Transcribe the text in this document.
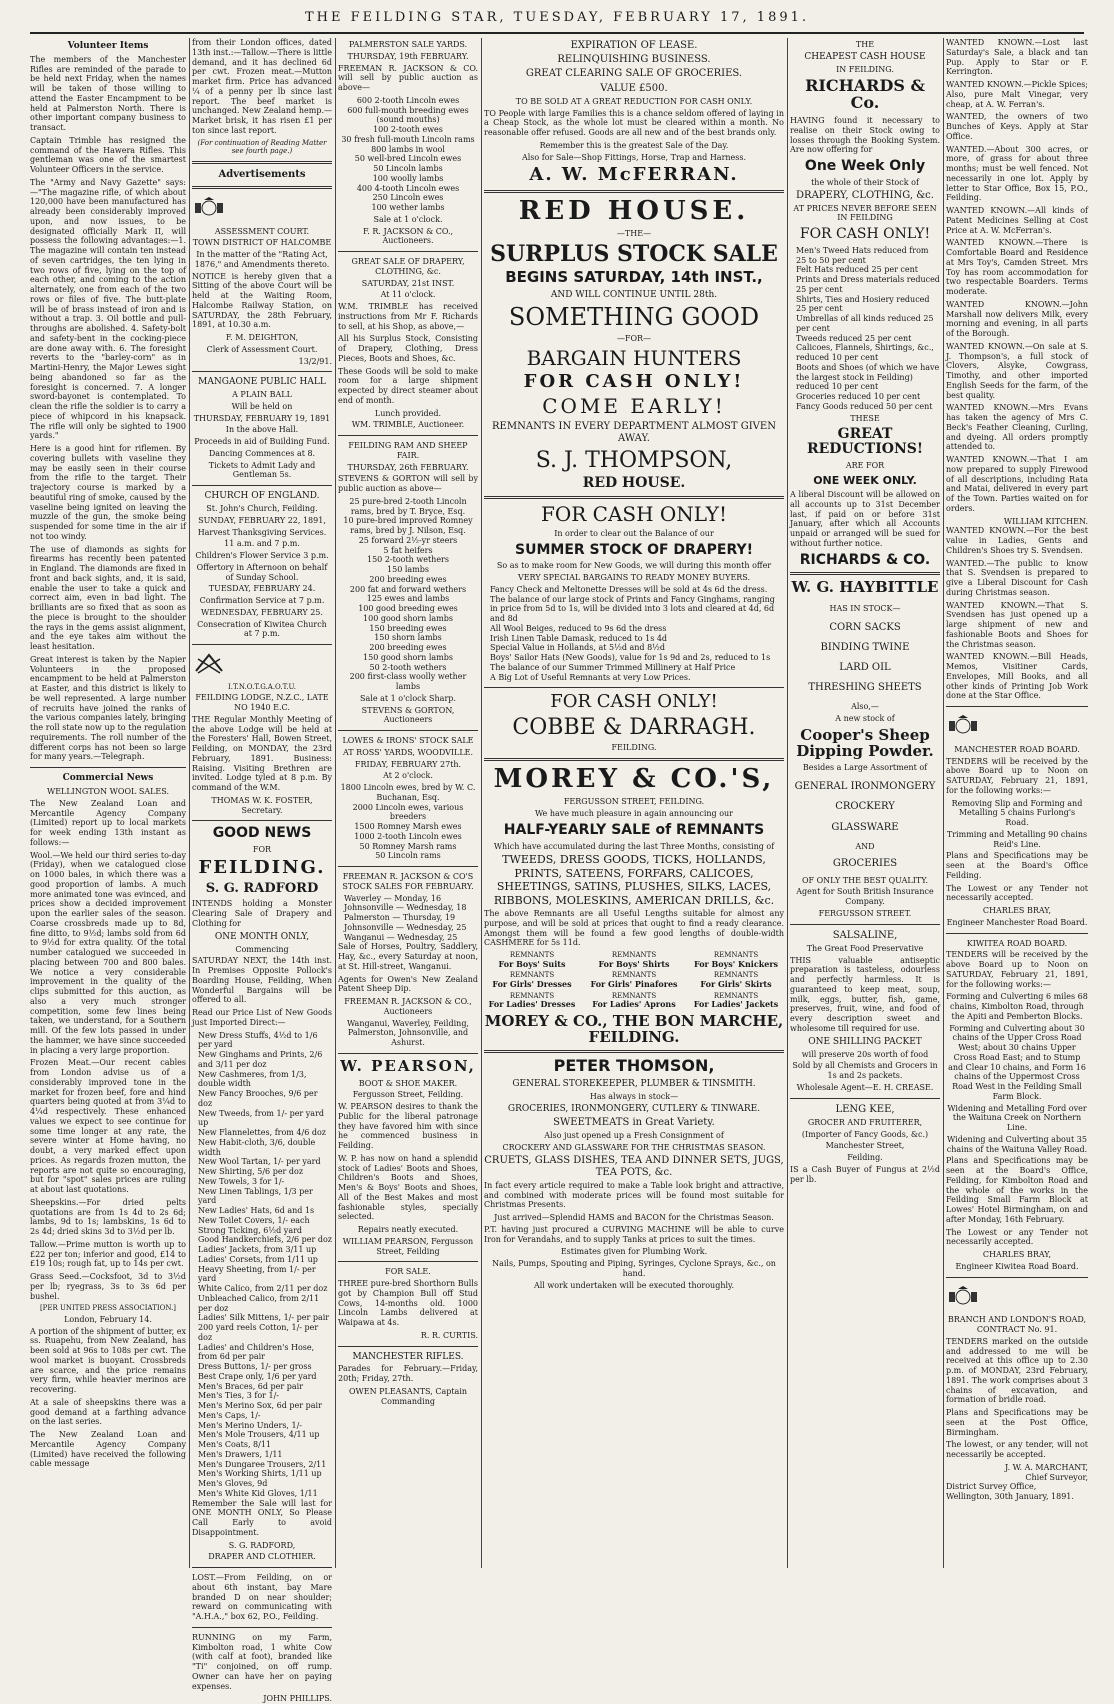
THE FEILDING STAR, TUESDAY, FEBRUARY 17, 1891.
Volunteer Items

The members of the Manchester Rifles are reminded of the parade to be held next Friday, when the names will be taken of those willing to attend the Easter Encampment to be held at Palmerston North. There is other important company business to transact.

Captain Trimble has resigned the command of the Hawera Rifles. This gentleman was one of the smartest Volunteer Officers in the service.

The "Army and Navy Gazette" says:—"The magazine rifle, of which about 120,000 have been manufactured has already been considerably improved upon, and now issues, to be designated officially Mark II, will possess the following advantages:—1. The magazine will contain ten instead of seven cartridges, the ten lying in two rows of five, lying on the top of each other, and coming to the action alternately, one from each of the two rows or files of five. The butt-plate will be of brass instead of iron and is without a trap. 3. Oil bottle and pull-throughs are abolished. 4. Safety-bolt and safety-bent in the cocking-piece are done away with. 6. The foresight reverts to the "barley-corn" as in Martini-Henry, the Major Lewes sight being abandoned so far as the foresight is concerned. 7. A longer sword-bayonet is contemplated. To clean the rifle the soldier is to carry a piece of whipcord in his knapsack. The rifle will only be sighted to 1900 yards."

Here is a good hint for riflemen. By covering bullets with vaseline they may be easily seen in their course from the rifle to the target. Their trajectory course is marked by a beautiful ring of smoke, caused by the vaseline being ignited on leaving the muzzle of the gun, the smoke being suspended for some time in the air if not too windy.

The use of diamonds as sights for firearms has recently been patented in England. The diamonds are fixed in front and back sights, and, it is said, enable the user to take a quick and correct aim, even in bad light. The brilliants are so fixed that as soon as the piece is brought to the shoulder the rays in the gems assist alignment, and the eye takes aim without the least hesitation.

Great interest is taken by the Napier Volunteers in the proposed encampment to be held at Palmerston at Easter, and this district is likely to be well represented. A large number of recruits have joined the ranks of the various companies lately, bringing the roll state now up to the regulation requirements. The roll number of the different corps has not been so large for many years.—Telegraph.

Commercial News
WELLINGTON WOOL SALES.

The New Zealand Loan and Mercantile Agency Company (Limited) report up to local markets for week ending 13th instant as follows:—

Wool.—We held our third series to-day (Friday), when we catalogued close on 1000 bales, in which there was a good proportion of lambs. A much more animated tone was evinced, and prices show a decided improvement upon the earlier sales of the season. Coarse crossbreds made up to 8d, fine ditto, to 9½d; lambs sold from 6d to 9½d for extra quality. Of the total number catalogued we succeeded in placing between 700 and 800 bales. We notice a very considerable improvement in the quality of the clips submitted for this auction, as also a very much stronger competition, some few lines being taken, we understand, for a Southern mill. Of the few lots passed in under the hammer, we have since succeeded in placing a very large proportion.

Frozen Meat.—Our recent cables from London advise us of a considerably improved tone in the market for frozen beef, fore and hind quarters being quoted at from 3¼d to 4¼d respectively. These enhanced values we expect to see continue for some time longer at any rate, the severe winter at Home having, no doubt, a very marked effect upon prices. As regards frozen mutton, the reports are not quite so encouraging, but for "spot" sales prices are ruling at about last quotations.

Sheepskins.—For dried pelts quotations are from 1s 4d to 2s 6d; lambs, 9d to 1s; lambskins, 1s 6d to 2s 4d; dried skins 3d to 3½d per lb.

Tallow.—Prime mutton is worth up to £22 per ton; inferior and good, £14 to £19 10s; rough fat, up to 14s per cwt.

Grass Seed.—Cocksfoot, 3d to 3½d per lb; ryegrass, 3s to 3s 6d per bushel.

[PER UNITED PRESS ASSOCIATION.]
London, February 14.

A portion of the shipment of butter, ex ss. Ruapehu, from New Zealand, has been sold at 96s to 108s per cwt. The wool market is buoyant. Crossbreds are scarce, and the price remains very firm, while heavier merinos are recovering.

At a sale of sheepskins there was a good demand at a farthing advance on the last series.

The New Zealand Loan and Mercantile Agency Company (Limited) have received the following cable message

from their London offices, dated 13th inst.:—Tallow.—There is little demand, and it has declined 6d per cwt. Frozen meat.—Mutton market firm. Price has advanced ¼ of a penny per lb since last report. The beef market is unchanged. New Zealand hemp.—Market brisk, it has risen £1 per ton since last report.

(For continuation of Reading Matter see fourth page.)
Advertisements
ASSESSMENT COURT.
TOWN DISTRICT OF HALCOMBE
In the matter of the "Rating Act, 1876," and Amendments thereto.

NOTICE is hereby given that a Sitting of the above Court will be held at the Waiting Room, Halcombe Railway Station, on SATURDAY, the 28th February, 1891, at 10.30 a.m.

F. M. DEIGHTON,
Clerk of Assessment Court.
13/2/91.
MANGAONE PUBLIC HALL
A PLAIN BALL
Will be held on
THURSDAY, FEBRUARY 19, 1891
In the above Hall.
Proceeds in aid of Building Fund.
Dancing Commences at 8.
Tickets to Admit Lady and Gentleman 5s.
CHURCH OF ENGLAND.
St. John's Church, Feilding.
SUNDAY, FEBRUARY 22, 1891,
Harvest Thanksgiving Services.
11 a.m. and 7 p.m.
Children's Flower Service 3 p.m.
Offertory in Afternoon on behalf of Sunday School.
TUESDAY, FEBRUARY 24.
Confirmation Service at 7 p.m.
WEDNESDAY, FEBRUARY 25.
Consecration of Kiwitea Church at 7 p.m.
I.T.N.O.T.G.A.O.T.U.
FEILDING LODGE, N.Z.C., LATE NO 1940 E.C.

THE Regular Monthly Meeting of the above Lodge will be held at the Foresters' Hall, Bowen Street, Feilding, on MONDAY, the 23rd February, 1891. Business: Raising. Visiting Brethren are invited. Lodge tyled at 8 p.m. By command of the W.M.

THOMAS W. K. FOSTER, Secretary.
GOOD NEWS
FOR
FEILDING.
S. G. RADFORD

INTENDS holding a Monster Clearing Sale of Drapery and Clothing for

ONE MONTH ONLY,
Commencing

SATURDAY NEXT, the 14th inst. In Premises Opposite Pollock's Boarding House, Feilding, When Wonderful Bargains will be offered to all.

Read our Price List of New Goods just Imported Direct:—

New Dress Stuffs, 4½d to 1/6 per yard
New Ginghams and Prints, 2/6 and 3/11 per doz
New Cashmeres, from 1/3, double width
New Fancy Brooches, 9/6 per doz
New Tweeds, from 1/- per yard up
New Flannelettes, from 4/6 doz
New Habit-cloth, 3/6, double width
New Wool Tartan, 1/- per yard
New Shirting, 5/6 per doz
New Towels, 3 for 1/-
New Linen Tablings, 1/3 per yard
New Ladies' Hats, 6d and 1s
New Toilet Covers, 1/- each
Strong Ticking, 6½d yard
Good Handkerchiefs, 2/6 per doz
Ladies' Jackets, from 3/11 up
Ladies' Corsets, from 1/11 up
Heavy Sheeting, from 1/- per yard
White Calico, from 2/11 per doz
Unbleached Calico, from 2/11 per doz
Ladies' Silk Mittens, 1/- per pair
200 yard reels Cotton, 1/- per doz
Ladies' and Children's Hose, from 6d per pair
Dress Buttons, 1/- per gross
Best Crape only, 1/6 per yard
Men's Braces, 6d per pair
Men's Ties, 3 for 1/-
Men's Merino Sox, 6d per pair
Men's Caps, 1/-
Men's Merino Unders, 1/-
Men's Mole Trousers, 4/11 up
Men's Coats, 8/11
Men's Drawers, 1/11
Men's Dungaree Trousers, 2/11
Men's Working Shirts, 1/11 up
Men's Gloves, 9d
Men's White Kid Gloves, 1/11

Remember the Sale will last for ONE MONTH ONLY, So Please Call Early to avoid Disappointment.

S. G. RADFORD,
DRAPER AND CLOTHIER.

LOST.—From Feilding, on or about 6th instant, bay Mare branded D on near shoulder; reward on communicating with "A.H.A.," box 62, P.O., Feilding.

RUNNING on my Farm, Kimbolton road, 1 white Cow (with calf at foot), branded like "Ti" conjoined, on off rump. Owner can have her on paying expenses.

JOHN PHILLIPS.
PALMERSTON SALE YARDS.
THURSDAY, 19th FEBRUARY.

FREEMAN R. JACKSON & CO. will sell by public auction as above—

600 2-tooth Lincoln ewes
600 full-mouth breeding ewes (sound mouths)
100 2-tooth ewes
30 fresh full-mouth Lincoln rams
800 lambs in wool
50 well-bred Lincoln ewes
50 Lincoln lambs
100 woolly lambs
400 4-tooth Lincoln ewes
250 Lincoln ewes
100 wether lambs
Sale at 1 o'clock.
F. R. JACKSON & CO., Auctioneers.
GREAT SALE OF DRAPERY, CLOTHING, &c.
SATURDAY, 21st INST.
At 11 o'clock.

W.M. TRIMBLE has received instructions from Mr F. Richards to sell, at his Shop, as above,—

All his Surplus Stock, Consisting of Drapery, Clothing, Dress Pieces, Boots and Shoes, &c.

These Goods will be sold to make room for a large shipment expected by direct steamer about end of month.

Lunch provided.
WM. TRIMBLE, Auctioneer.
FEILDING RAM AND SHEEP FAIR.
THURSDAY, 26th FEBRUARY.

STEVENS & GORTON will sell by public auction as above—

25 pure-bred 2-tooth Lincoln rams, bred by T. Bryce, Esq.
10 pure-bred improved Romney rams, bred by J. Nilson, Esq.
25 forward 2½-yr steers
5 fat heifers
150 2-tooth wethers
150 lambs
200 breeding ewes
200 fat and forward wethers
125 ewes and lambs
100 good breeding ewes
100 good shorn lambs
150 breeding ewes
150 shorn lambs
200 breeding ewes
150 good shorn lambs
50 2-tooth wethers
200 first-class woolly wether lambs
Sale at 1 o'clock Sharp.
STEVENS & GORTON, Auctioneers
LOWES & IRONS' STOCK SALE
AT ROSS' YARDS, WOODVILLE.
FRIDAY, FEBRUARY 27th.
At 2 o'clock.
1800 Lincoln ewes, bred by W. C. Buchanan, Esq.
2000 Lincoln ewes, various breeders
1500 Romney Marsh ewes
1000 2-tooth Lincoln ewes
50 Romney Marsh rams
50 Lincoln rams
FREEMAN R. JACKSON & CO'S STOCK SALES FOR FEBRUARY.
Waverley — Monday, 16
Johnsonville — Wednesday, 18
Palmerston — Thursday, 19
Johnsonville — Wednesday, 25
Wanganui — Wednesday, 25

Sale of Horses, Poultry, Saddlery, Hay, &c., every Saturday at noon, at St. Hill-street, Wanganui.

Agents for Owen's New Zealand Patent Sheep Dip.

FREEMAN R. JACKSON & CO., Auctioneers
Wanganui, Waverley, Feilding, Palmerston, Johnsonville, and Ashurst.
W. PEARSON,
BOOT & SHOE MAKER.
Fergusson Street, Feilding.

W. PEARSON desires to thank the Public for the liberal patronage they have favored him with since he commenced business in Feilding.

W. P. has now on hand a splendid stock of Ladies' Boots and Shoes, Children's Boots and Shoes, Men's & Boys' Boots and Shoes, All of the Best Makes and most fashionable styles, specially selected.

Repairs neatly executed.
WILLIAM PEARSON, Fergusson Street, Feilding
FOR SALE.

THREE pure-bred Shorthorn Bulls got by Champion Bull off Stud Cows, 14-months old. 1000 Lincoln Lambs delivered at Waipawa at 4s.

R. R. CURTIS.
MANCHESTER RIFLES.

Parades for February.—Friday, 20th; Friday, 27th.

OWEN PLEASANTS, Captain Commanding
EXPIRATION OF LEASE.
RELINQUISHING BUSINESS.
GREAT CLEARING SALE OF GROCERIES.
VALUE £500.
TO BE SOLD AT A GREAT REDUCTION FOR CASH ONLY.

TO People with large Families this is a chance seldom offered of laying in a Cheap Stock, as the whole lot must be cleared within a month. No reasonable offer refused. Goods are all new and of the best brands only.

Remember this is the greatest Sale of the Day.
Also for Sale—Shop Fittings, Horse, Trap and Harness.
A. W. McFERRAN.
RED HOUSE.
—THE—
SURPLUS STOCK SALE
BEGINS SATURDAY, 14th INST.,
AND WILL CONTINUE UNTIL 28th.
SOMETHING GOOD
—FOR—
BARGAIN HUNTERS
FOR CASH ONLY!
COME EARLY!
REMNANTS IN EVERY DEPARTMENT ALMOST GIVEN AWAY.
S. J. THOMPSON,
RED HOUSE.
FOR CASH ONLY!
In order to clear out the Balance of our
SUMMER STOCK OF DRAPERY!
So as to make room for New Goods, we will during this month offer
VERY SPECIAL BARGAINS TO READY MONEY BUYERS.
Fancy Check and Meltonette Dresses will be sold at 4s 6d the dress.
The balance of our large stock of Prints and Fancy Ginghams, ranging in price from 5d to 1s, will be divided into 3 lots and cleared at 4d, 6d and 8d
All Wool Beiges, reduced to 9s 6d the dress
Irish Linen Table Damask, reduced to 1s 4d
Special Value in Hollands, at 5½d and 8½d
Boys' Sailor Hats (New Goods), value for 1s 9d and 2s, reduced to 1s
The balance of our Summer Trimmed Millinery at Half Price
A Big Lot of Useful Remnants at very Low Prices.
FOR CASH ONLY!
COBBE & DARRAGH.
FEILDING.
MOREY & CO.'S,
FERGUSSON STREET, FEILDING.
We have much pleasure in again announcing our
HALF-YEARLY SALE of REMNANTS
Which have accumulated during the last Three Months, consisting of
TWEEDS, DRESS GOODS, TICKS, HOLLANDS, PRINTS, SATEENS, FORFARS, CALICOES, SHEETINGS, SATINS, PLUSHES, SILKS, LACES, RIBBONS, MOLESKINS, AMERICAN DRILLS, &c.

The above Remnants are all Useful Lengths suitable for almost any purpose, and will be sold at prices that ought to find a ready clearance. Amongst them will be found a few good lengths of double-width CASHMERE for 5s 11d.

REMNANTS
For Boys' Suits
REMNANTS
For Boys' Shirts
REMNANTS
For Boys' Knickers
REMNANTS
For Girls' Dresses
REMNANTS
For Girls' Pinafores
REMNANTS
For Girls' Skirts
REMNANTS
For Ladies' Dresses
REMNANTS
For Ladies' Aprons
REMNANTS
For Ladies' Jackets
MOREY & CO., THE BON MARCHE, FEILDING.
PETER THOMSON,
GENERAL STOREKEEPER, PLUMBER & TINSMITH.
Has always in stock—
GROCERIES, IRONMONGERY, CUTLERY & TINWARE.
SWEETMEATS in Great Variety.
Also just opened up a Fresh Consignment of
CROCKERY AND GLASSWARE FOR THE CHRISTMAS SEASON.
CRUETS, GLASS DISHES, TEA AND DINNER SETS, JUGS, TEA POTS, &c.

In fact every article required to make a Table look bright and attractive, and combined with moderate prices will be found most suitable for Christmas Presents.

Just arrived—Splendid HAMS and BACON for the Christmas Season.

P.T. having just procured a CURVING MACHINE will be able to curve Iron for Verandahs, and to supply Tanks at prices to suit the times.

Estimates given for Plumbing Work.
Nails, Pumps, Spouting and Piping, Syringes, Cyclone Sprays, &c., on hand.
All work undertaken will be executed thoroughly.
THE
CHEAPEST CASH HOUSE
IN FEILDING.
RICHARDS & Co.

HAVING found it necessary to realise on their Stock owing to losses through the Booking System. Are now offering for

One Week Only
the whole of their Stock of
DRAPERY, CLOTHING, &c.
AT PRICES NEVER BEFORE SEEN IN FEILDING
FOR CASH ONLY!
Men's Tweed Hats reduced from 25 to 50 per cent
Felt Hats reduced 25 per cent
Prints and Dress materials reduced 25 per cent
Shirts, Ties and Hosiery reduced 25 per cent
Umbrellas of all kinds reduced 25 per cent
Tweeds reduced 25 per cent
Calicoes, Flannels, Shirtings, &c., reduced 10 per cent
Boots and Shoes (of which we have the largest stock in Feilding) reduced 10 per cent
Groceries reduced 10 per cent
Fancy Goods reduced 50 per cent
THESE
GREAT REDUCTIONS!
ARE FOR
ONE WEEK ONLY.

A liberal Discount will be allowed on all accounts up to 31st December last, if paid on or before 31st January, after which all Accounts unpaid or arranged will be sued for without further notice.

RICHARDS & CO.
W. G. HAYBITTLE
HAS IN STOCK—
CORN SACKS
BINDING TWINE
LARD OIL
THRESHING SHEETS
Also,—
A new stock of
Cooper's Sheep Dipping Powder.
Besides a Large Assortment of
GENERAL IRONMONGERY
CROCKERY
GLASSWARE
AND
GROCERIES
OF ONLY THE BEST QUALITY.
Agent for South British Insurance Company.
FERGUSSON STREET.
SALSALINE,
The Great Food Preservative

THIS valuable antiseptic preparation is tasteless, odourless and perfectly harmless. It is guaranteed to keep meat, soup, milk, eggs, butter, fish, game, preserves, fruit, wine, and food of every description sweet and wholesome till required for use.

ONE SHILLING PACKET
will preserve 20s worth of food
Sold by all Chemists and Grocers in 1s and 2s packets.
Wholesale Agent—E. H. CREASE.
LENG KEE,
GROCER AND FRUITERER,
(Importer of Fancy Goods, &c.)
Manchester Street,
Feilding.

IS a Cash Buyer of Fungus at 2½d per lb.

WANTED KNOWN.—Lost last Saturday's Sale, a black and tan Pup. Apply to Star or F. Kerrington.

WANTED KNOWN.—Pickle Spices; Also, pure Malt Vinegar, very cheap, at A. W. Ferran's.

WANTED, the owners of two Bunches of Keys. Apply at Star Office.

WANTED.—About 300 acres, or more, of grass for about three months; must be well fenced. Not necessarily in one lot. Apply by letter to Star Office, Box 15, P.O., Feilding.

WANTED KNOWN.—All kinds of Patent Medicines Selling at Cost Price at A. W. McFerran's.

WANTED KNOWN.—There is Comfortable Board and Residence at Mrs Toy's, Camden Street. Mrs Toy has room accommodation for two respectable Boarders. Terms moderate.

WANTED KNOWN.—John Marshall now delivers Milk, every morning and evening, in all parts of the Borough.

WANTED KNOWN.—On sale at S. J. Thompson's, a full stock of Clovers, Alsyke, Cowgrass, Timothy, and other imported English Seeds for the farm, of the best quality.

WANTED KNOWN.—Mrs Evans has taken the agency of Mrs C. Beck's Feather Cleaning, Curling, and dyeing. All orders promptly attended to.

WANTED KNOWN.—That I am now prepared to supply Firewood of all descriptions, including Rata and Matai, delivered in every part of the Town. Parties waited on for orders.

WILLIAM KITCHEN.

WANTED KNOWN.—For the best value in Ladies, Gents and Children's Shoes try S. Svendsen.

WANTED.—The public to know that S. Svendsen is prepared to give a Liberal Discount for Cash during Christmas season.

WANTED KNOWN.—That S. Svendsen has just opened up a large shipment of new and fashionable Boots and Shoes for the Christmas season.

WANTED KNOWN.—Bill Heads, Memos, Visitiner Cards, Envelopes, Mill Books, and all other kinds of Printing Job Work done at the Star Office.

MANCHESTER ROAD BOARD.

TENDERS will be received by the above Board up to Noon on SATURDAY, February 21, 1891, for the following works:—

Removing Slip and Forming and Metalling 5 chains Furlong's Road.
Trimming and Metalling 90 chains Reid's Line.

Plans and Specifications may be seen at the Board's Office Feilding.

The Lowest or any Tender not necessarily accepted.

CHARLES BRAY,
Engineer Manchester Road Board.
KIWITEA ROAD BOARD.

TENDERS will be received by the above Board up to Noon on SATURDAY, February 21, 1891, for the following works:—

Forming and Culverting 6 miles 68 chains, Kimbolton Road, through the Apiti and Pemberton Blocks.
Forming and Culverting about 30 chains of the Upper Cross Road West; about 30 chains Upper Cross Road East; and to Stump and Clear 10 chains, and Form 16 chains of the Uppermost Cross Road West in the Feilding Small Farm Block.
Widening and Metalling Ford over the Waituna Creek on Northern Line.
Widening and Culverting about 35 chains of the Waituna Valley Road.

Plans and Specifications may be seen at the Board's Office, Feilding, for Kimbolton Road and the whole of the works in the Feilding Small Farm Block at Lowes' Hotel Birmingham, on and after Monday, 16th February.

The Lowest or any Tender not necessarily accepted.

CHARLES BRAY,
Engineer Kiwitea Road Board.
BRANCH AND LONDON'S ROAD, CONTRACT No. 91.

TENDERS marked on the outside and addressed to me will be received at this office up to 2.30 p.m. of MONDAY, 23rd February, 1891. The work comprises about 3 chains of excavation, and formation of bridle road.

Plans and Specifications may be seen at the Post Office, Birmingham.

The lowest, or any tender, will not necessarily be accepted.

J. W. A. MARCHANT,
Chief Surveyor,
District Survey Office,
Wellington, 30th January, 1891.
